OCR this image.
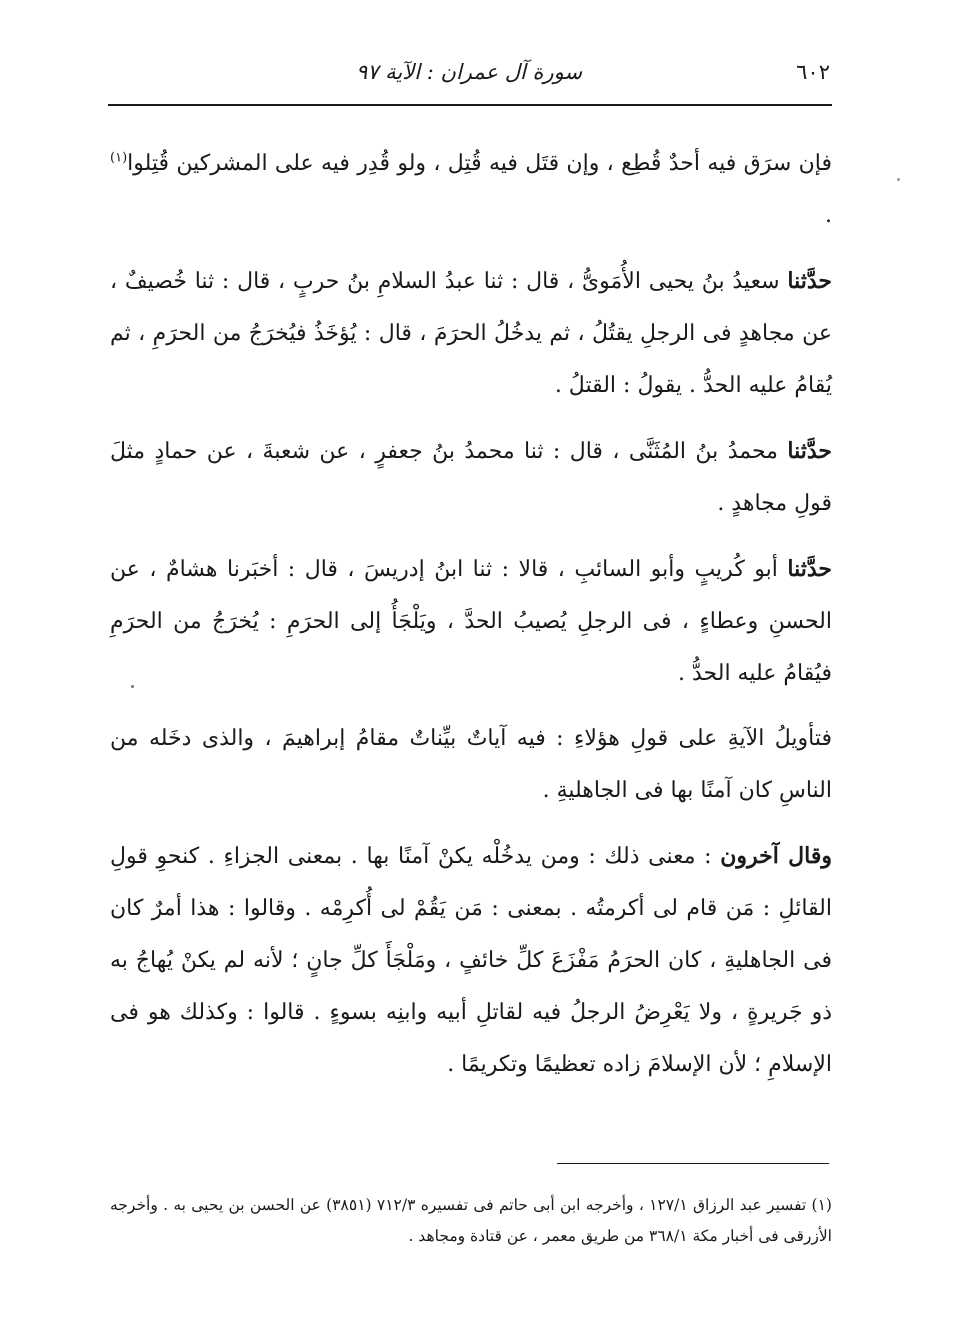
٦٠٢
سورة آل عمران : الآية ٩٧

فإن سرَق فيه أحدٌ قُطِع ، وإن قتَل فيه قُتِل ، ولو قُدِر فيه على المشركين قُتِلوا$^{(١)}$ .

حدَّثنا سعيدُ بنُ يحيى الأُمَوىُّ ، قال : ثنا عبدُ السلامِ بنُ حربٍ ، قال : ثنا خُصيفٌ ، عن مجاهدٍ فى الرجلِ يقتُلُ ، ثم يدخُلُ الحرَمَ ، قال : يُؤخَذُ فيُخرَجُ من الحرَمِ ، ثم يُقامُ عليه الحدُّ . يقولُ : القتلُ .

حدَّثنا محمدُ بنُ المُثَنَّى ، قال : ثنا محمدُ بنُ جعفرٍ ، عن شعبةَ ، عن حمادٍ مثلَ قولِ مجاهدٍ .

حدَّثنا أبو كُريبٍ وأبو السائبِ ، قالا : ثنا ابنُ إدريسَ ، قال : أخبَرنا هشامٌ ، عن الحسنِ وعطاءٍ ، فى الرجلِ يُصيبُ الحدَّ ، ويَلْجَأُ إلى الحرَمِ : يُخرَجُ من الحرَمِ فيُقامُ عليه الحدُّ .

فتأويلُ الآيةِ على قولِ هؤلاءِ : فيه آياتٌ بيِّناتٌ مقامُ إبراهيمَ ، والذى دخَله من الناسِ كان آمنًا بها فى الجاهليةِ .

وقال آخرون : معنى ذلك : ومن يدخُلْه يكنْ آمنًا بها . بمعنى الجزاءِ . كنحوِ قولِ القائلِ : مَن قام لى أكرمتُه . بمعنى : مَن يَقُمْ لى أُكرِمْه . وقالوا : هذا أمرٌ كان فى الجاهليةِ ، كان الحرَمُ مَفْزَعَ كلِّ خائفٍ ، ومَلْجَأَ كلِّ جانٍ ؛ لأنه لم يكنْ يُهاجُ به ذو جَريرةٍ ، ولا يَعْرِضُ الرجلُ فيه لقاتلِ أبيه وابنِه بسوءٍ . قالوا : وكذلك هو فى الإسلامِ ؛ لأن الإسلامَ زاده تعظيمًا وتكريمًا .

(١) تفسير عبد الرزاق ١٢٧/١ ، وأخرجه ابن أبى حاتم فى تفسيره ٧١٢/٣ (٣٨٥١) عن الحسن بن يحيى به . وأخرجه الأزرقى فى أخبار مكة ٣٦٨/١ من طريق معمر ، عن قتادة ومجاهد .
